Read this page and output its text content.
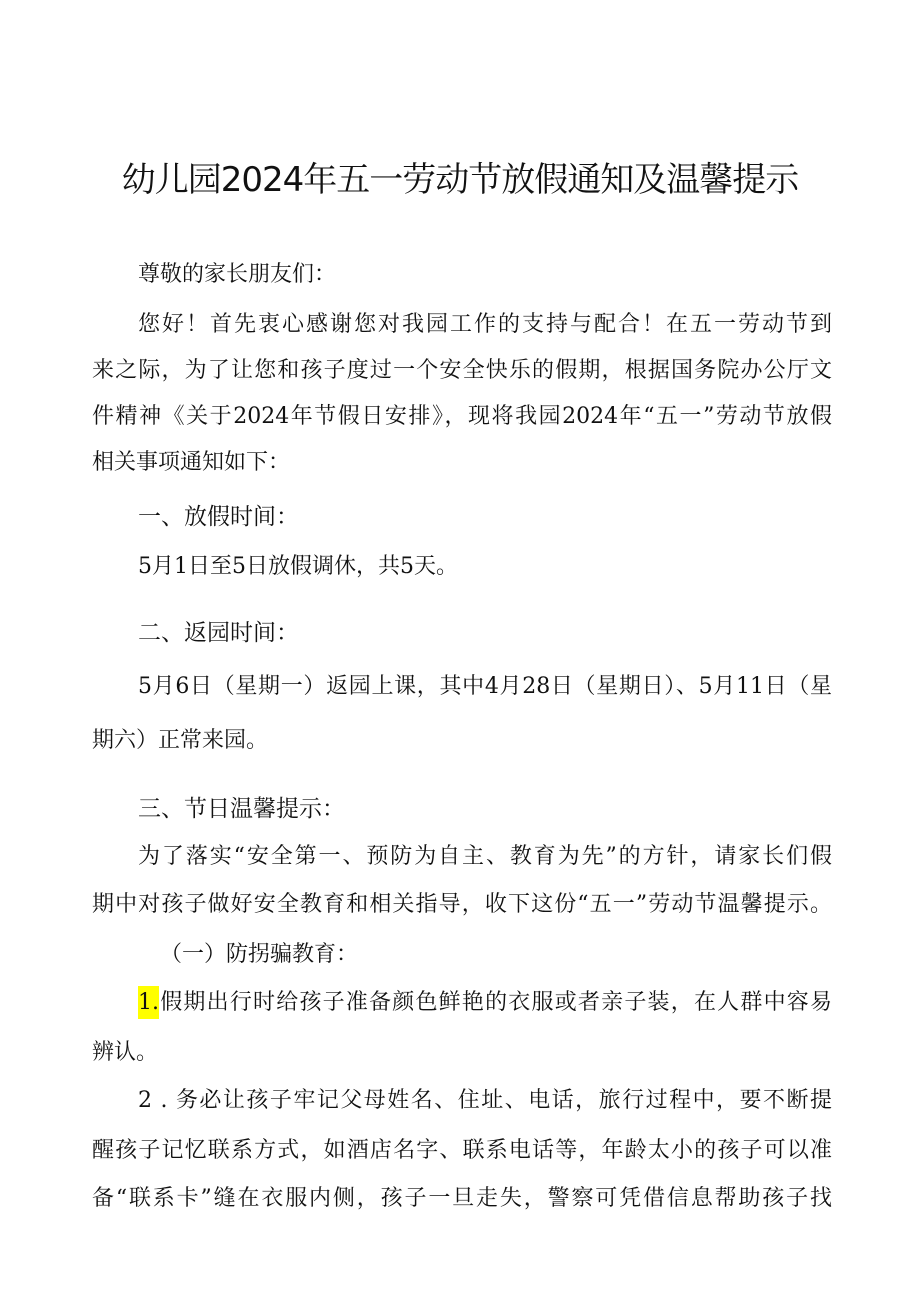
幼儿园2024年五一劳动节放假通知及温馨提示
尊敬的家长朋友们：
您好！首先衷心感谢您对我园工作的支持与配合！在五一劳动节到
来之际，为了让您和孩子度过一个安全快乐的假期，根据国务院办公厅文
件精神《关于2024年节假日安排》，现将我园2024年“五一”劳动节放假
相关事项通知如下：
一、放假时间：
5月1日至5日放假调休，共5天。
二、返园时间：
5月6日（星期一）返园上课，其中4月28日（星期日）、5月11日（星
期六）正常来园。
三、节日温馨提示：
为了落实“安全第一、预防为自主、教育为先”的方针，请家长们假
期中对孩子做好安全教育和相关指导，收下这份“五一”劳动节温馨提示。
（一）防拐骗教育：
1.假期出行时给孩子准备颜色鲜艳的衣服或者亲子装，在人群中容易
辨认。
2 . 务必让孩子牢记父母姓名、住址、电话，旅行过程中，要不断提
醒孩子记忆联系方式，如酒店名字、联系电话等，年龄太小的孩子可以准
备“联系卡”缝在衣服内侧，孩子一旦走失，警察可凭借信息帮助孩子找
